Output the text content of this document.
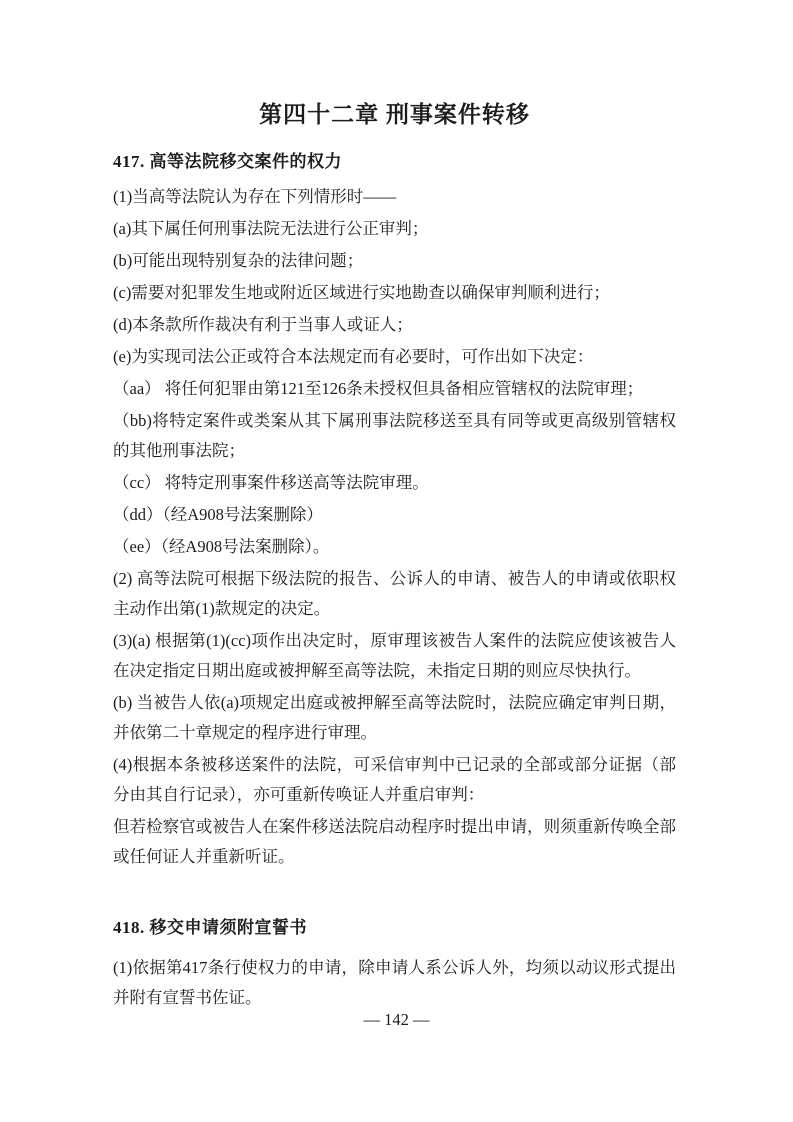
第四十二章 刑事案件转移
417. 高等法院移交案件的权力

(1)当高等法院认为存在下列情形时——

(a)其下属任何刑事法院无法进行公正审判；

(b)可能出现特别复杂的法律问题；

(c)需要对犯罪发生地或附近区域进行实地勘查以确保审判顺利进行；

(d)本条款所作裁决有利于当事人或证人；

(e)为实现司法公正或符合本法规定而有必要时，可作出如下决定：

（aa） 将任何犯罪由第121至126条未授权但具备相应管辖权的法院审理；

（bb)将特定案件或类案从其下属刑事法院移送至具有同等或更高级别管辖权的其他刑事法院；

（cc） 将特定刑事案件移送高等法院审理。

（dd）（经A908号法案删除）

（ee）（经A908号法案删除）。

(2) 高等法院可根据下级法院的报告、公诉人的申请、被告人的申请或依职权主动作出第(1)款规定的决定。

(3)(a) 根据第(1)(cc)项作出决定时，原审理该被告人案件的法院应使该被告人在决定指定日期出庭或被押解至高等法院，未指定日期的则应尽快执行。

(b) 当被告人依(a)项规定出庭或被押解至高等法院时，法院应确定审判日期，并依第二十章规定的程序进行审理。

(4)根据本条被移送案件的法院，可采信审判中已记录的全部或部分证据（部分由其自行记录），亦可重新传唤证人并重启审判：

但若检察官或被告人在案件移送法院启动程序时提出申请，则须重新传唤全部或任何证人并重新听证。

418. 移交申请须附宣誓书

(1)依据第417条行使权力的申请，除申请人系公诉人外，均须以动议形式提出并附有宣誓书佐证。

— 142 —
